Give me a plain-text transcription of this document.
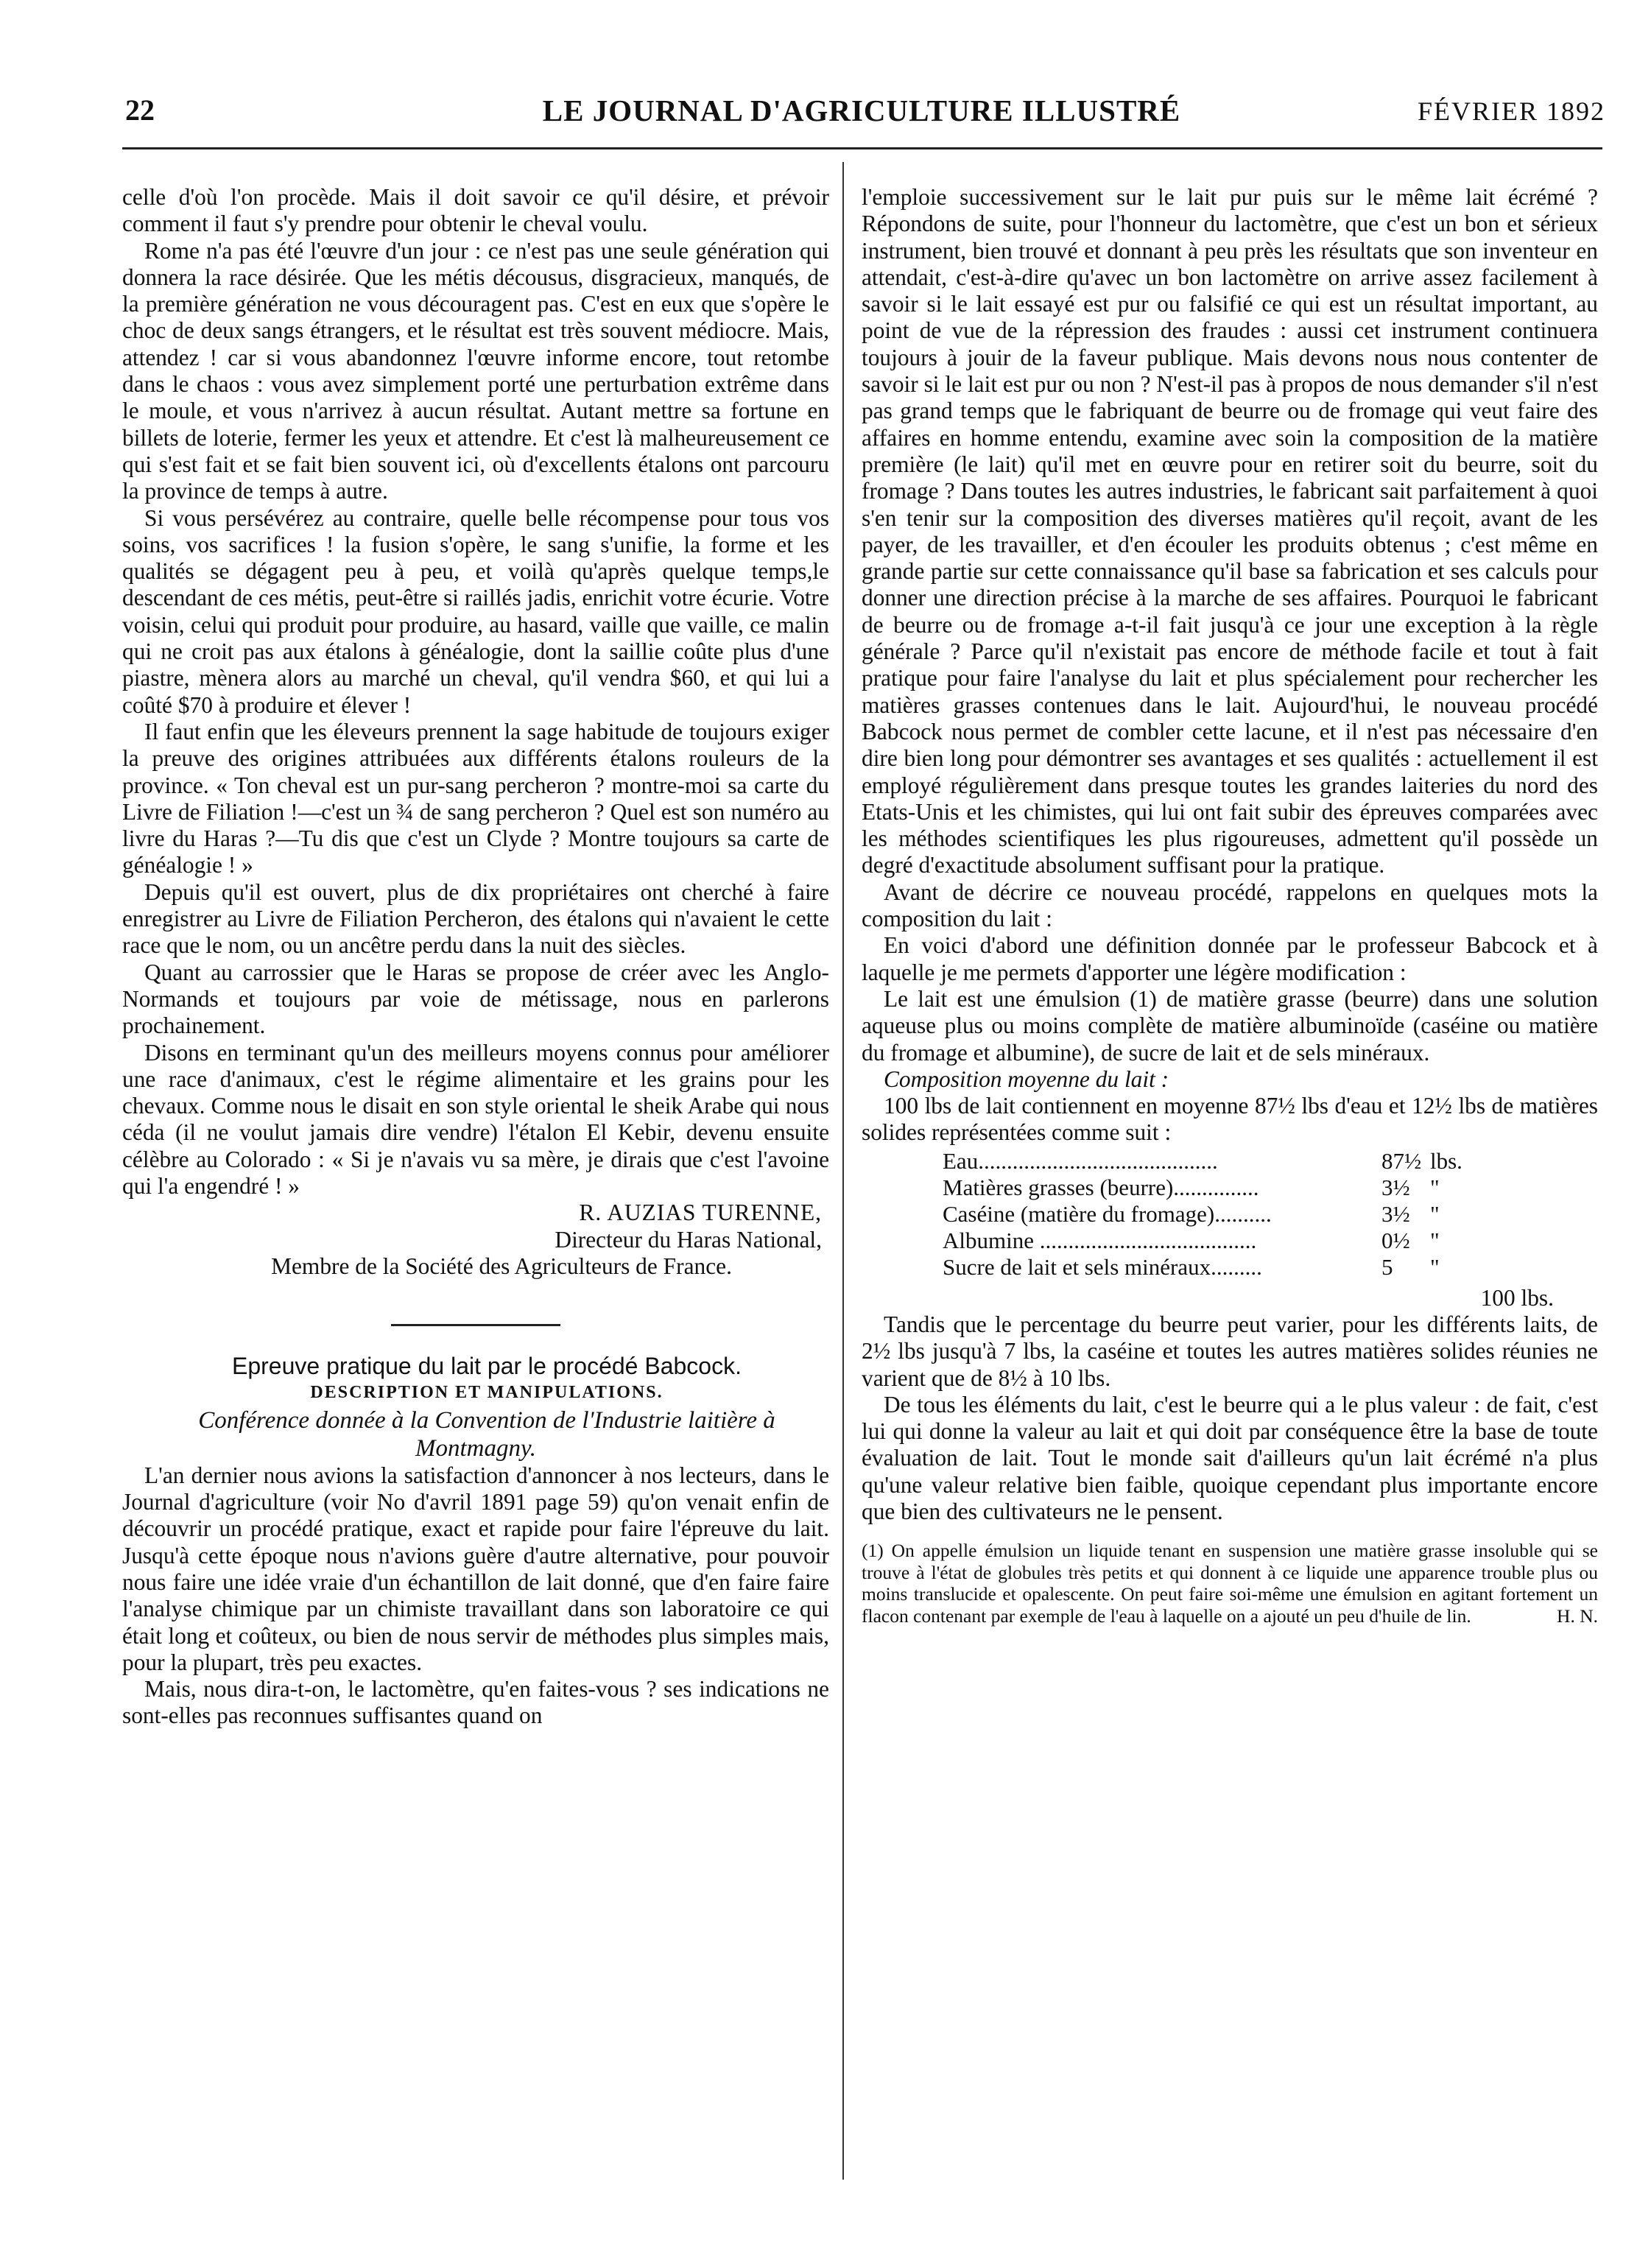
22	LE JOURNAL D'AGRICULTURE ILLUSTRÉ	FÉVRIER 1892

celle d'où l'on procède. Mais il doit savoir ce qu'il désire, et prévoir comment il faut s'y prendre pour obtenir le cheval voulu.

Rome n'a pas été l'œuvre d'un jour : ce n'est pas une seule génération qui donnera la race désirée. Que les métis décousus, disgracieux, manqués, de la première génération ne vous découragent pas. C'est en eux que s'opère le choc de deux sangs étrangers, et le résultat est très souvent médiocre. Mais, attendez ! car si vous abandonnez l'œuvre informe encore, tout retombe dans le chaos : vous avez simplement porté une perturbation extrême dans le moule, et vous n'arrivez à aucun résultat. Autant mettre sa fortune en billets de loterie, fermer les yeux et attendre. Et c'est là malheureusement ce qui s'est fait et se fait bien souvent ici, où d'excellents étalons ont parcouru la province de temps à autre.

Si vous persévérez au contraire, quelle belle récompense pour tous vos soins, vos sacrifices ! la fusion s'opère, le sang s'unifie, la forme et les qualités se dégagent peu à peu, et voilà qu'après quelque temps,le descendant de ces métis, peut-être si raillés jadis, enrichit votre écurie. Votre voisin, celui qui produit pour produire, au hasard, vaille que vaille, ce malin qui ne croit pas aux étalons à généalogie, dont la saillie coûte plus d'une piastre, mènera alors au marché un cheval, qu'il vendra $60, et qui lui a coûté $70 à produire et élever !

Il faut enfin que les éleveurs prennent la sage habitude de toujours exiger la preuve des origines attribuées aux différents étalons rouleurs de la province. « Ton cheval est un pur-sang percheron ? montre-moi sa carte du Livre de Filiation !—c'est un ¾ de sang percheron ? Quel est son numéro au livre du Haras ?—Tu dis que c'est un Clyde ? Montre toujours sa carte de généalogie ! »

Depuis qu'il est ouvert, plus de dix propriétaires ont cherché à faire enregistrer au Livre de Filiation Percheron, des étalons qui n'avaient le cette race que le nom, ou un ancêtre perdu dans la nuit des siècles.

Quant au carrossier que le Haras se propose de créer avec les Anglo-Normands et toujours par voie de métissage, nous en parlerons prochainement.

Disons en terminant qu'un des meilleurs moyens connus pour améliorer une race d'animaux, c'est le régime alimentaire et les grains pour les chevaux. Comme nous le disait en son style oriental le sheik Arabe qui nous céda (il ne voulut jamais dire vendre) l'étalon El Kebir, devenu ensuite célèbre au Colorado : « Si je n'avais vu sa mère, je dirais que c'est l'avoine qui l'a engendré ! »

R. AUZIAS TURENNE,

Directeur du Haras National,

Membre de la Société des Agriculteurs de France.

Epreuve pratique du lait par le procédé Babcock.

DESCRIPTION ET MANIPULATIONS.

Conférence donnée à la Convention de l'Industrie laitière à Montmagny.

L'an dernier nous avions la satisfaction d'annoncer à nos lecteurs, dans le Journal d'agriculture (voir No d'avril 1891 page 59) qu'on venait enfin de découvrir un procédé pratique, exact et rapide pour faire l'épreuve du lait. Jusqu'à cette époque nous n'avions guère d'autre alternative, pour pouvoir nous faire une idée vraie d'un échantillon de lait donné, que d'en faire faire l'analyse chimique par un chimiste travaillant dans son laboratoire ce qui était long et coûteux, ou bien de nous servir de méthodes plus simples mais, pour la plupart, très peu exactes.

Mais, nous dira-t-on, le lactomètre, qu'en faites-vous ? ses indications ne sont-elles pas reconnues suffisantes quand on

l'emploie successivement sur le lait pur puis sur le même lait écrémé ? Répondons de suite, pour l'honneur du lactomètre, que c'est un bon et sérieux instrument, bien trouvé et donnant à peu près les résultats que son inventeur en attendait, c'est-à-dire qu'avec un bon lactomètre on arrive assez facilement à savoir si le lait essayé est pur ou falsifié ce qui est un résultat important, au point de vue de la répression des fraudes : aussi cet instrument continuera toujours à jouir de la faveur publique. Mais devons nous nous contenter de savoir si le lait est pur ou non ? N'est-il pas à propos de nous demander s'il n'est pas grand temps que le fabriquant de beurre ou de fromage qui veut faire des affaires en homme entendu, examine avec soin la composition de la matière première (le lait) qu'il met en œuvre pour en retirer soit du beurre, soit du fromage ? Dans toutes les autres industries, le fabricant sait parfaitement à quoi s'en tenir sur la composition des diverses matières qu'il reçoit, avant de les payer, de les travailler, et d'en écouler les produits obtenus ; c'est même en grande partie sur cette connaissance qu'il base sa fabrication et ses calculs pour donner une direction précise à la marche de ses affaires. Pourquoi le fabricant de beurre ou de fromage a-t-il fait jusqu'à ce jour une exception à la règle générale ? Parce qu'il n'existait pas encore de méthode facile et tout à fait pratique pour faire l'analyse du lait et plus spécialement pour rechercher les matières grasses contenues dans le lait. Aujourd'hui, le nouveau procédé Babcock nous permet de combler cette lacune, et il n'est pas nécessaire d'en dire bien long pour démontrer ses avantages et ses qualités : actuellement il est employé régulièrement dans presque toutes les grandes laiteries du nord des Etats-Unis et les chimistes, qui lui ont fait subir des épreuves comparées avec les méthodes scientifiques les plus rigoureuses, admettent qu'il possède un degré d'exactitude absolument suffisant pour la pratique.

Avant de décrire ce nouveau procédé, rappelons en quelques mots la composition du lait :

En voici d'abord une définition donnée par le professeur Babcock et à laquelle je me permets d'apporter une légère modification :

Le lait est une émulsion (1) de matière grasse (beurre) dans une solution aqueuse plus ou moins complète de matière albuminoïde (caséine ou matière du fromage et albumine), de sucre de lait et de sels minéraux.

Composition moyenne du lait :

100 lbs de lait contiennent en moyenne 87½ lbs d'eau et 12½ lbs de matières solides représentées comme suit :

Eau..........................................	87½	lbs.
Matières grasses (beurre)...............	3½	"
Caséine (matière du fromage)..........	3½	"
Albumine ......................................	0½	"
Sucre de lait et sels minéraux.........	5	"

100 lbs.

Tandis que le percentage du beurre peut varier, pour les différents laits, de 2½ lbs jusqu'à 7 lbs, la caséine et toutes les autres matières solides réunies ne varient que de 8½ à 10 lbs.

De tous les éléments du lait, c'est le beurre qui a le plus valeur : de fait, c'est lui qui donne la valeur au lait et qui doit par conséquence être la base de toute évaluation de lait. Tout le monde sait d'ailleurs qu'un lait écrémé n'a plus qu'une valeur relative bien faible, quoique cependant plus importante encore que bien des cultivateurs ne le pensent.

(1) On appelle émulsion un liquide tenant en suspension une matière grasse insoluble qui se trouve à l'état de globules très petits et qui donnent à ce liquide une apparence trouble plus ou moins translucide et opalescente. On peut faire soi-même une émulsion en agitant fortement un flacon contenant par exemple de l'eau à laquelle on a ajouté un peu d'huile de lin.	H. N.
